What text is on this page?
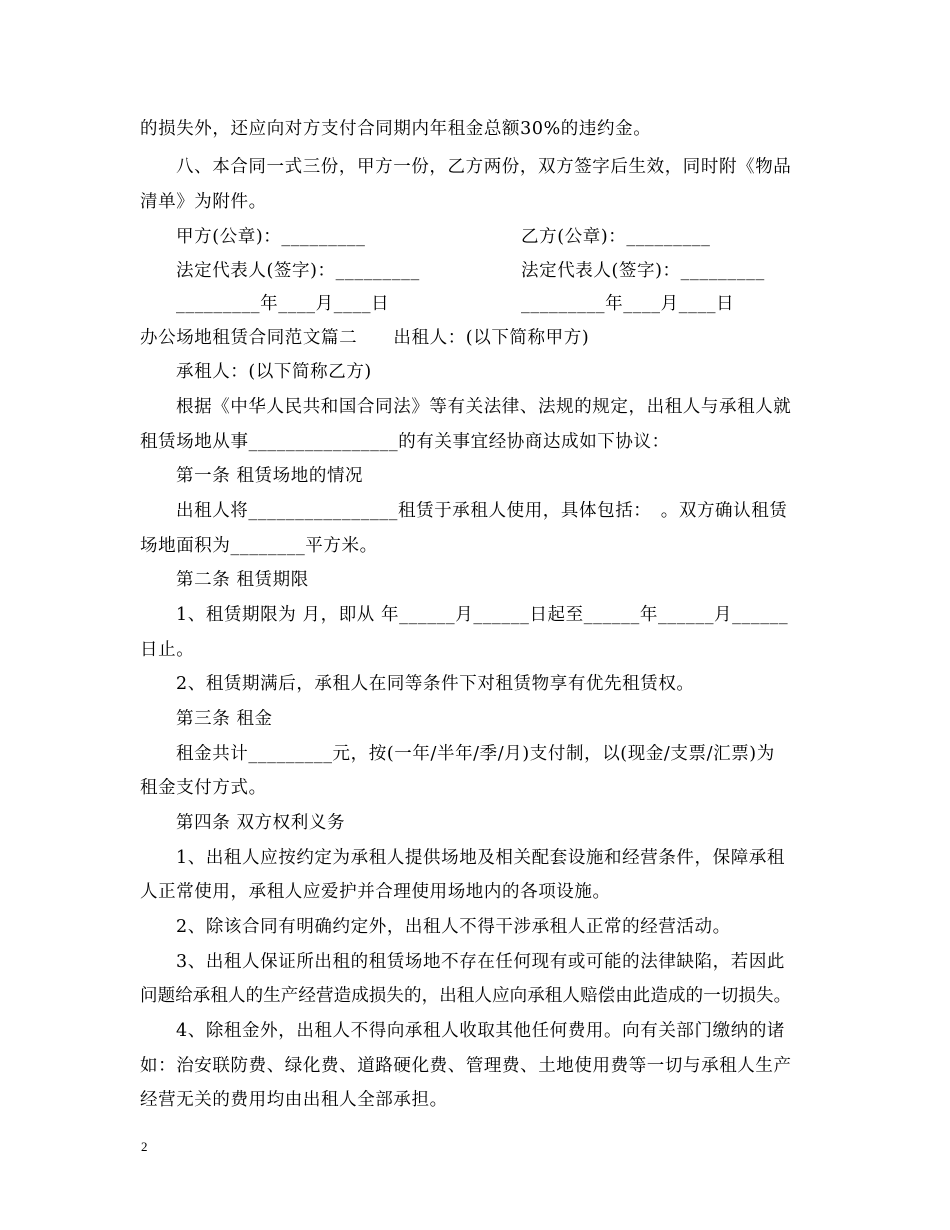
的损失外，还应向对方支付合同期内年租金总额30%的违约金。
八、本合同一式三份，甲方一份，乙方两份，双方签字后生效，同时附《物品
清单》为附件。
甲方(公章)：_________	乙方(公章)：_________
法定代表人(签字)：_________	法定代表人(签字)：_________
_________年____月____日	_________年____月____日
办公场地租赁合同范文篇二　　出租人：(以下简称甲方)
承租人：(以下简称乙方)
根据《中华人民共和国合同法》等有关法律、法规的规定，出租人与承租人就
租赁场地从事________________的有关事宜经协商达成如下协议：
第一条 租赁场地的情况
出租人将________________租赁于承租人使用，具体包括：　。双方确认租赁
场地面积为________平方米。
第二条 租赁期限
1、租赁期限为 月，即从 年______月______日起至______年______月______
日止。
2、租赁期满后，承租人在同等条件下对租赁物享有优先租赁权。
第三条 租金
租金共计_________元，按(一年/半年/季/月)支付制，以(现金/支票/汇票)为
租金支付方式。
第四条 双方权利义务
1、出租人应按约定为承租人提供场地及相关配套设施和经营条件，保障承租
人正常使用，承租人应爱护并合理使用场地内的各项设施。
2、除该合同有明确约定外，出租人不得干涉承租人正常的经营活动。
3、出租人保证所出租的租赁场地不存在任何现有或可能的法律缺陷，若因此
问题给承租人的生产经营造成损失的，出租人应向承租人赔偿由此造成的一切损失。
4、除租金外，出租人不得向承租人收取其他任何费用。向有关部门缴纳的诸
如：治安联防费、绿化费、道路硬化费、管理费、土地使用费等一切与承租人生产
经营无关的费用均由出租人全部承担。
2
